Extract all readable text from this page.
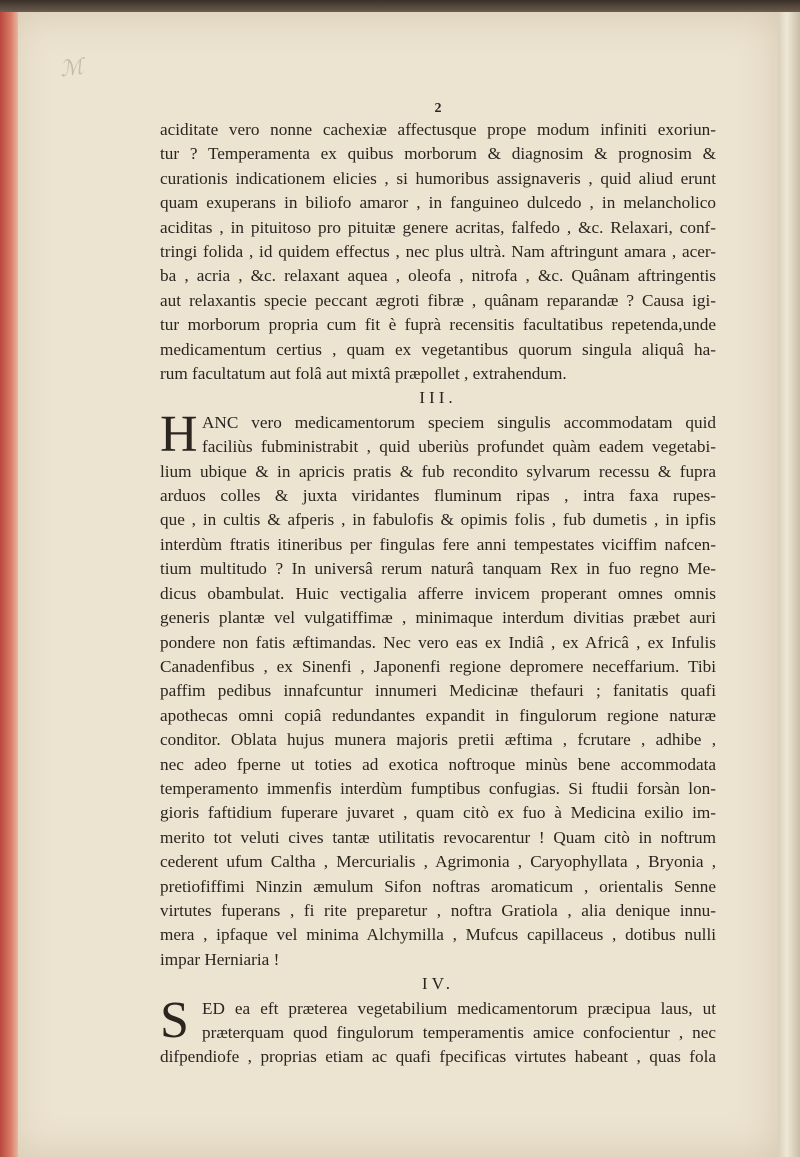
ℳ
2
aciditate vero nonne cachexiæ affectusque prope modum infiniti exoriun-
tur ? Temperamenta ex quibus morborum & diagnosim & prognosim &
curationis indicationem elicies , si humoribus assignaveris , quid aliud erunt
quam exuperans in biliofo amaror , in fanguineo dulcedo , in melancholico
aciditas , in pituitoso pro pituitæ genere acritas, falfedo , &c. Relaxari, conf-
tringi folida , id quidem effectus , nec plus ultrà. Nam aftringunt amara , acer-
ba , acria , &c. relaxant aquea , oleofa , nitrofa , &c. Quânam aftringentis
aut relaxantis specie peccant ægroti fibræ , quânam reparandæ ? Causa igi-
tur morborum propria cum fit è fuprà recensitis facultatibus repetenda,unde
medicamentum certius , quam ex vegetantibus quorum singula aliquâ ha-
rum facultatum aut folâ aut mixtâ præpollet , extrahendum.
III.
H ANC vero medicamentorum speciem singulis accommodatam quid
faciliùs fubministrabit , quid uberiùs profundet quàm eadem vegetabi-
lium ubique & in apricis pratis & fub recondito sylvarum recessu & fupra
arduos colles & juxta viridantes fluminum ripas , intra faxa rupes-
que , in cultis & afperis , in fabulofis & opimis folis , fub dumetis , in ipfis
interdùm ftratis itineribus per fingulas fere anni tempestates viciffim nafcen-
tium multitudo ? In universâ rerum naturâ tanquam Rex in fuo regno Me-
dicus obambulat. Huic vectigalia afferre invicem properant omnes omnis
generis plantæ vel vulgatiffimæ , minimaque interdum divitias præbet auri
pondere non fatis æftimandas. Nec vero eas ex Indiâ , ex Africâ , ex Infulis
Canadenfibus , ex Sinenfi , Japonenfi regione depromere neceffarium. Tibi
paffim pedibus innafcuntur innumeri Medicinæ thefauri ; fanitatis quafi
apothecas omni copiâ redundantes expandit in fingulorum regione naturæ
conditor. Oblata hujus munera majoris pretii æftima , fcrutare , adhibe ,
nec adeo fperne ut toties ad exotica noftroque minùs bene accommodata
temperamento immenfis interdùm fumptibus confugias. Si ftudii forsàn lon-
gioris faftidium fuperare juvaret , quam citò ex fuo à Medicina exilio im-
merito tot veluti cives tantæ utilitatis revocarentur ! Quam citò in noftrum
cederent ufum Caltha , Mercurialis , Agrimonia , Caryophyllata , Bryonia ,
pretiofiffimi Ninzin æmulum Sifon noftras aromaticum , orientalis Senne
virtutes fuperans , fi rite preparetur , noftra Gratiola , alia denique innu-
mera , ipfaque vel minima Alchymilla , Mufcus capillaceus , dotibus nulli
impar Herniaria !
IV.
S ED ea eft præterea vegetabilium medicamentorum præcipua laus, ut
præterquam quod fingulorum temperamentis amice confocientur , nec
difpendiofe , proprias etiam ac quafi fpecificas virtutes habeant , quas fola
